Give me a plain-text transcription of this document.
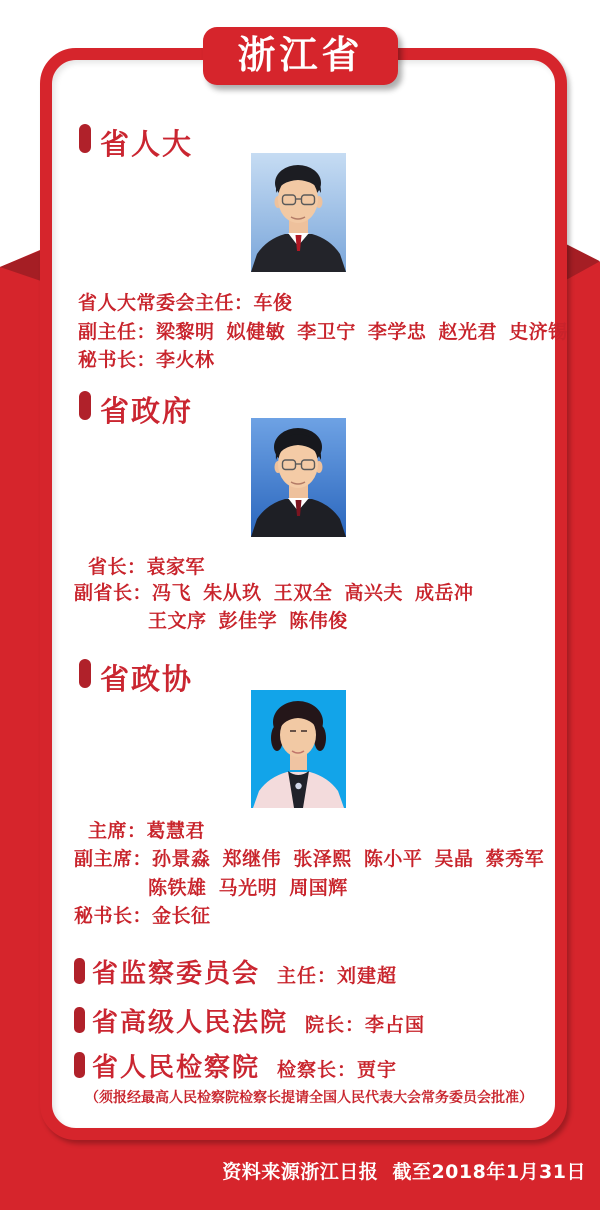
浙江省
省人大
省人大常委会主任：车俊
副主任：梁黎明 姒健敏 李卫宁 李学忠 赵光君 史济锡
秘书长：李火林
省政府
省长：袁家军
副省长：冯飞 朱从玖 王双全 高兴夫 成岳冲
王文序 彭佳学 陈伟俊
省政协
主席：葛慧君
副主席：孙景淼 郑继伟 张泽熙 陈小平 吴晶 蔡秀军
陈铁雄 马光明 周国辉
秘书长：金长征
省监察委员会 主任：刘建超
省高级人民法院 院长：李占国
省人民检察院 检察长：贾宇
（须报经最高人民检察院检察长提请全国人民代表大会常务委员会批准）
资料来源浙江日报  截至2018年1月31日
